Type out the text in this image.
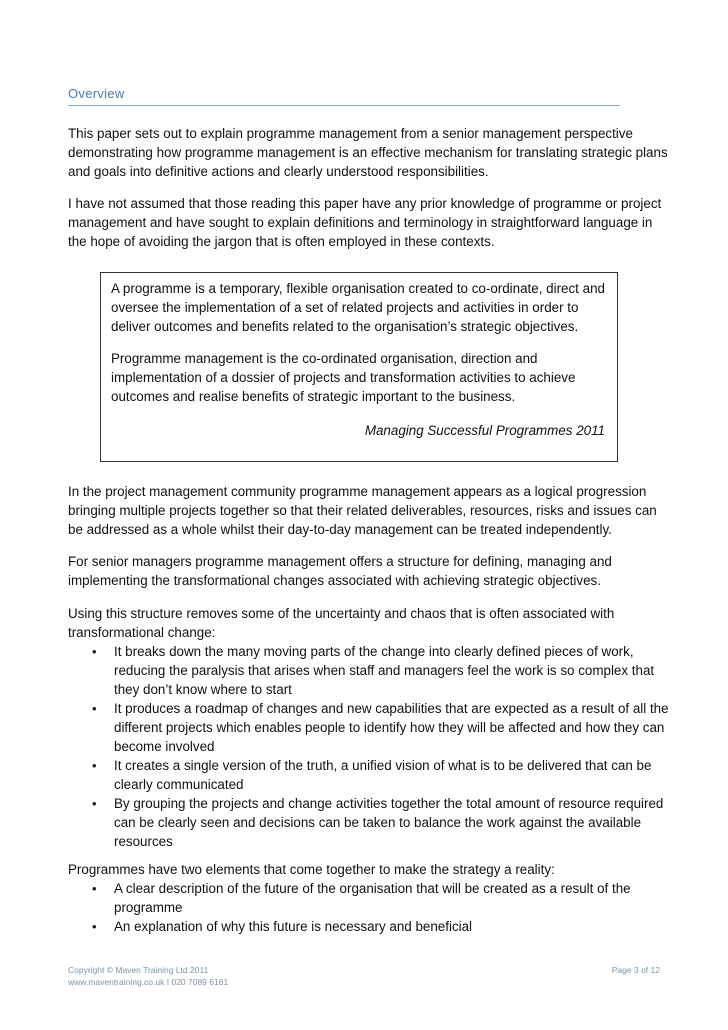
Overview

This paper sets out to explain programme management from a senior management perspective demonstrating how programme management is an effective mechanism for translating strategic plans and goals into definitive actions and clearly understood responsibilities.

I have not assumed that those reading this paper have any prior knowledge of programme or project management and have sought to explain definitions and terminology in straightforward language in the hope of avoiding the jargon that is often employed in these contexts.

A programme is a temporary, flexible organisation created to co-ordinate, direct and oversee the implementation of a set of related projects and activities in order to deliver outcomes and benefits related to the organisation’s strategic objectives.

Programme management is the co-ordinated organisation, direction and implementation of a dossier of projects and transformation activities to achieve outcomes and realise benefits of strategic important to the business.

Managing Successful Programmes 2011

In the project management community programme management appears as a logical progression bringing multiple projects together so that their related deliverables, resources, risks and issues can be addressed as a whole whilst their day-to-day management can be treated independently.

For senior managers programme management offers a structure for defining, managing and implementing the transformational changes associated with achieving strategic objectives.

Using this structure removes some of the uncertainty and chaos that is often associated with transformational change:

• It breaks down the many moving parts of the change into clearly defined pieces of work, reducing the paralysis that arises when staff and managers feel the work is so complex that they don’t know where to start
• It produces a roadmap of changes and new capabilities that are expected as a result of all the different projects which enables people to identify how they will be affected and how they can become involved
• It creates a single version of the truth, a unified vision of what is to be delivered that can be clearly communicated
• By grouping the projects and change activities together the total amount of resource required can be clearly seen and decisions can be taken to balance the work against the available resources

Programmes have two elements that come together to make the strategy a reality:

• A clear description of the future of the organisation that will be created as a result of the programme
• An explanation of why this future is necessary and beneficial
Copyright © Maven Training Ltd 2011
www.maventraining.co.uk I 020 7089 6161
Page 3 of 12
